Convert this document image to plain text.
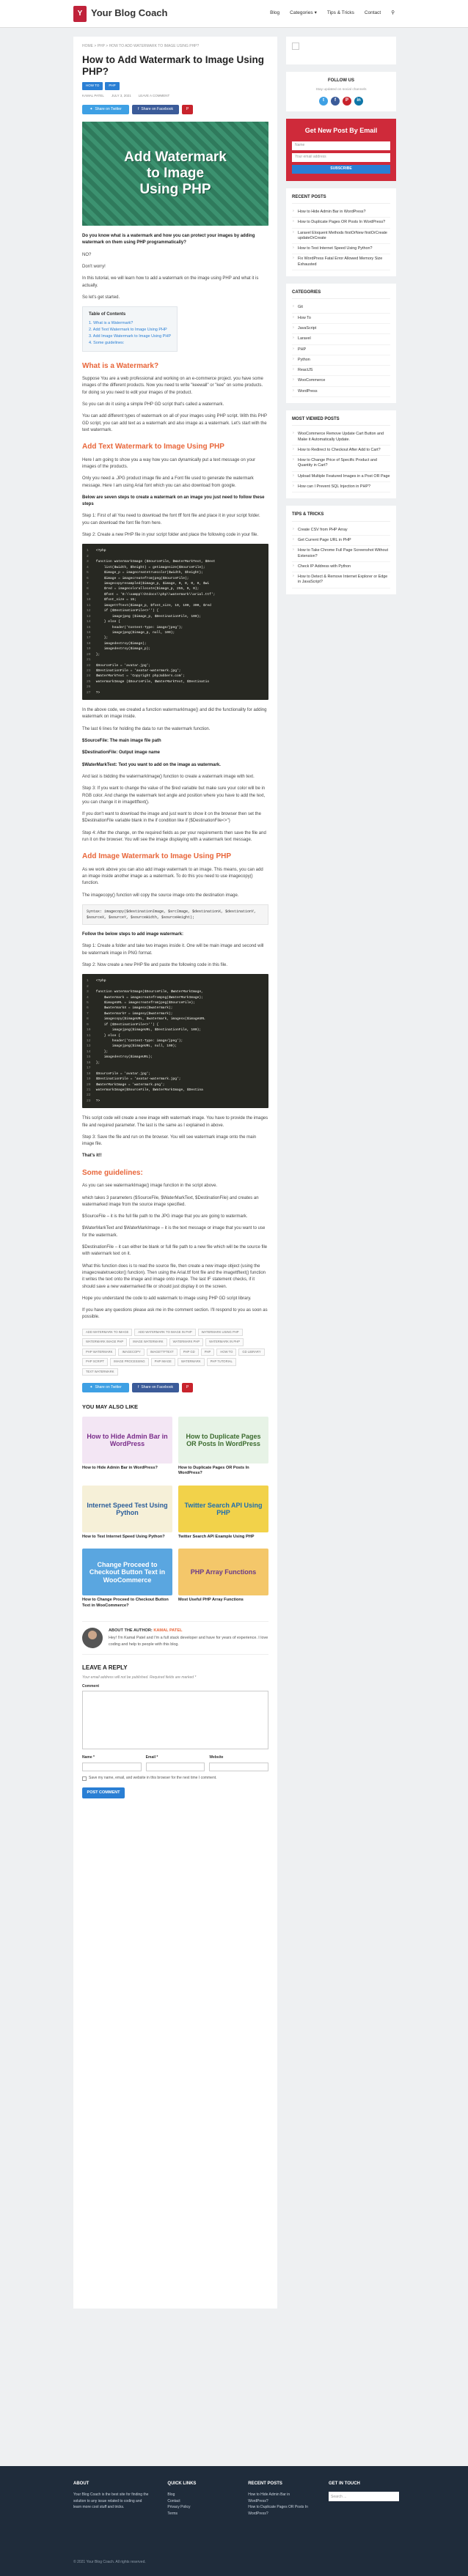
Y Your Blog Coach	Blog Categories ▾ Tips & Tricks Contact ⚲
HOME > PHP > HOW TO ADD WATERMARK TO IMAGE USING PHP?
How to Add Watermark to Image Using PHP?
HOW TO	PHP
KAMAL PATEL JULY 3, 2021 LEAVE A COMMENT
✦ Share on Twitter	f Share on Facebook	P
Add Watermark
to Image
Using PHP

Do you know what is a watermark and how you can protect your images by adding watermark on them using PHP programmatically?

NO?

Don't worry!

In this tutorial, we will learn how to add a watermark on the image using PHP and what it is actually.

So let's get started.

Table of Contents
1. What is a Watermark?
2. Add Text Watermark to Image Using PHP
3. Add Image Watermark to Image Using PHP
4. Some guidelines:
What is a Watermark?

Suppose You are a web professional and working on an e-commerce project. you have some images of the different products. Now you need to write "keewall" or "kee" on some products. for doing so you need to edit your images of the product.

So you can do it using a simple PHP GD script that's called a watermark.

You can add different types of watermark on all of your images using PHP script. With this PHP GD script, you can add text as a watermark and also image as a watermark. Let's start with the text watermark.

Add Text Watermark to Image Using PHP

Here I am going to show you a way how you can dynamically put a text message on your images of the products.

Only you need a .JPG product image file and a Font file used to generate the watermark message. Here I am using Arial font which you can also download from google.

Below are seven steps to create a watermark on an image you just need to follow these steps

Step 1: First of all You need to download the font tff font file and place it in your script folder. you can download the font file from here.

Step 2: Create a new PHP file in your script folder and place the following code in your file.

1 <?php
2
3 function watermarkImage ($SourceFile, $WaterMarkText, $Dest
4     list($width, $height) = getimagesize($SourceFile);
5     $image_p = imagecreatetruecolor($width, $height);
6     $image = imagecreatefromjpeg($SourceFile);
7     imagecopyresampled($image_p, $image, 0, 0, 0, 0, $wi
8     $red = imagecolorallocate($image_p, 255, 0, 0);
9     $font = 'D:\\xampp\\htdocs\\php\\watermark\\arial.ttf';
10     $font_size = 15;
11     imagettftext($image_p, $font_size, 10, 100, 300, $red
12     if ($DestinationFile<>'') {
13         imagejpeg ($image_p, $DestinationFile, 100);
14     } else {
15         header('Content-Type: image/jpeg');
16         imagejpeg($image_p, null, 100);
17     };
18     imagedestroy($image);
19     imagedestroy($image_p);
20 };
21
22 $SourceFile = 'avatar.jpg';
23 $DestinationFile = 'avatar-watermark.jpg';
24 $WaterMarkText = 'Copyright phpJabbers.com';
25 watermarkImage ($SourceFile, $WaterMarkText, $Destinatio
26
27 ?>

In the above code, we created a function watermarkImage() and did the functionality for adding watermark on image inside.

The last 6 lines for holding the data to run the watermark function.

$SourceFile: The main image file path

$DestinationFile: Output image name

$WaterMarkText: Text you want to add on the image as watermark.

And last is bidding the watermarkImage() function to create a watermark image with text.

Step 3: If you want to change the value of the $red variable but make sure your color will be in RGB color. And change the watermark text angle and position where you have to add the text, you can change it in imagettftext().

If you don't want to download the image and just want to show it on the browser then set the $DestinationFile variable blank in the if condition like if ($DestinationFile<>'')

Step 4: After the change, on the required fields as per your requirements then save the file and run it on the browser. You will see the image displaying with a watermark text message.

Add Image Watermark to Image Using PHP

As we work above you can also add image watermark to an image. This means, you can add an image inside another image as a watermark. To do this you need to use imagecopy() function.

The imagecopy() function will copy the source image onto the destination image.

Syntax: imagecopy($destinationImage, $srcImage, $destinationX, $destinationY, $sourceX, $sourceY, $sourceWidth, $sourceHeight);

Follow the below steps to add image watermark:

Step 1: Create a folder and take two images inside it. One will be main image and second will be watermark image in PNG format.

Step 2: Now create a new PHP file and paste the following code in this file.

1 <?php
2
3 function watermarkImage($SourceFile, $WaterMarkImage,
4     $watermark = imagecreatefrompng($WaterMarkImage);
5     $imageURL = imagecreatefromjpeg($SourceFile);
6     $watermarkX = imagesx($watermark);
7     $watermarkY = imagesy($watermark);
8     imagecopy($imageURL, $watermark, imagesx($imageURL
9     if ($DestinationFile<>'') {
10         imagejpeg($imageURL, $DestinationFile, 100);
11     } else {
12         header('Content-Type: image/jpeg');
13         imagejpeg($imageURL, null, 100);
14     };
15     imagedestroy($imageURL);
16 };
17
18 $SourceFile = 'avatar.jpg';
19 $DestinationFile = 'avatar-watermark.jpg';
20 $WaterMarkImage = 'watermark.png';
21 watermarkImage($SourceFile, $WaterMarkImage, $Destina
22
23 ?>

This script code will create a new image with watermark image. You have to provide the images file and required parameter. The last is the same as I explained in above.

Step 3: Save the file and run on the browser. You will see watermark image onto the main image file.

That's it!!

Some guidelines:

As you can see watermarkImage() image function in the script above.

which takes 3 parameters ($SourceFile, $WaterMarkText, $DestinationFile) and creates an watermarked image from the source image specified.

$SourceFile – it is the full file path to the JPG image that you are going to watermark.

$WaterMarkText and $WaterMarkImage – it is the text message or image that you want to use for the watermark.

$DestinationFile – it can either be blank or full file path to a new file which will be the source file with watermark text on it.

What this function does is to read the source file, then create a new image object (using the imagecreatetruecolor() function). Then using the Arial.ttf font file and the imagettftext() function it writes the text onto the image and image onto image. The last IF statement checks, if it should save a new watermarked file or should just display it on the screen.

Hope you understand the code to add watermark to image using PHP GD script library.

If you have any questions please ask me in the comment section. I'll respond to you as soon as possible.

ADD WATERMARK TO IMAGE	ADD WATERMARK TO IMAGE IN PHP	WATERMARK USING PHP
WATERMARK IMAGE PHP	IMAGE WATERMARK	WATERMARK PHP	WATERMARK IN PHP
PHP WATERMARK	IMAGECOPY	IMAGETTFTEXT	PHP GD	PHP	HOW TO	GD LIBRARY
PHP SCRIPT	IMAGE PROCESSING	PHP IMAGE	WATERMARK	PHP TUTORIAL
TEXT WATERMARK
✦ Share on Twitter	f Share on Facebook	P
YOU MAY ALSO LIKE
How to Hide Admin Bar in WordPress
How to Hide Admin Bar in WordPress?
How to Duplicate Pages OR Posts In WordPress
How to Duplicate Pages OR Posts In WordPress?
Internet Speed Test Using Python
How to Test Internet Speed Using Python?
Twitter Search API Using PHP
Twitter Search API Example Using PHP
Change Proceed to Checkout Button Text in WooCommerce
How to Change Proceed to Checkout Button Text in WooCommerce?
PHP Array Functions
Most Useful PHP Array Functions
ABOUT THE AUTHOR: KAMAL PATEL
Hey! I'm Kamal Patel and I'm a full stack developer and have for years of experience. I love coding and help to people with this blog.
LEAVE A REPLY
Your email address will not be published. Required fields are marked *
Comment
Name *	Email *	Website
Save my name, email, and website in this browser for the next time I comment.
POST COMMENT
FOLLOW US
Stay updated on social channels
t	f	P	in
Get New Post By Email
Name
Your email address
SUBSCRIBE
RECENT POSTS
› How to Hide Admin Bar in WordPress?
› How to Duplicate Pages OR Posts In WordPress?
› Laravel Eloquent Methods firstOrNew firstOrCreate updateOrCreate
› How to Test Internet Speed Using Python?
› Fix WordPress Fatal Error Allowed Memory Size Exhausted
CATEGORIES
› Git
› How To
› JavaScript
› Laravel
› PHP
› Python
› ReactJS
› WooCommerce
› WordPress
MOST VIEWED POSTS
› WooCommerce Remove Update Cart Button and Make it Automatically Update.
› How to Redirect to Checkout After Add to Cart?
› How to Change Price of Specific Product and Quantity in Cart?
› Upload Multiple Featured Images in a Post OR Page
› How can I Prevent SQL Injection in PHP?
TIPS & TRICKS
› Create CSV from PHP Array
› Get Current Page URL in PHP
› How to Take Chrome Full Page Screenshot Without Extension?
› Check IP Address with Python
› How to Detect & Remove Internet Explorer or Edge in JavaScript?
ABOUT
Your Blog Coach is the best site for finding the solution to any issue related to coding and learn more cool stuff and tricks.
QUICK LINKS
Blog
Contact
Privacy Policy
Terms
RECENT POSTS
How to Hide Admin Bar in WordPress?
How to Duplicate Pages OR Posts In WordPress?
GET IN TOUCH
Search ...
© 2021 Your Blog Coach. All rights reserved.
